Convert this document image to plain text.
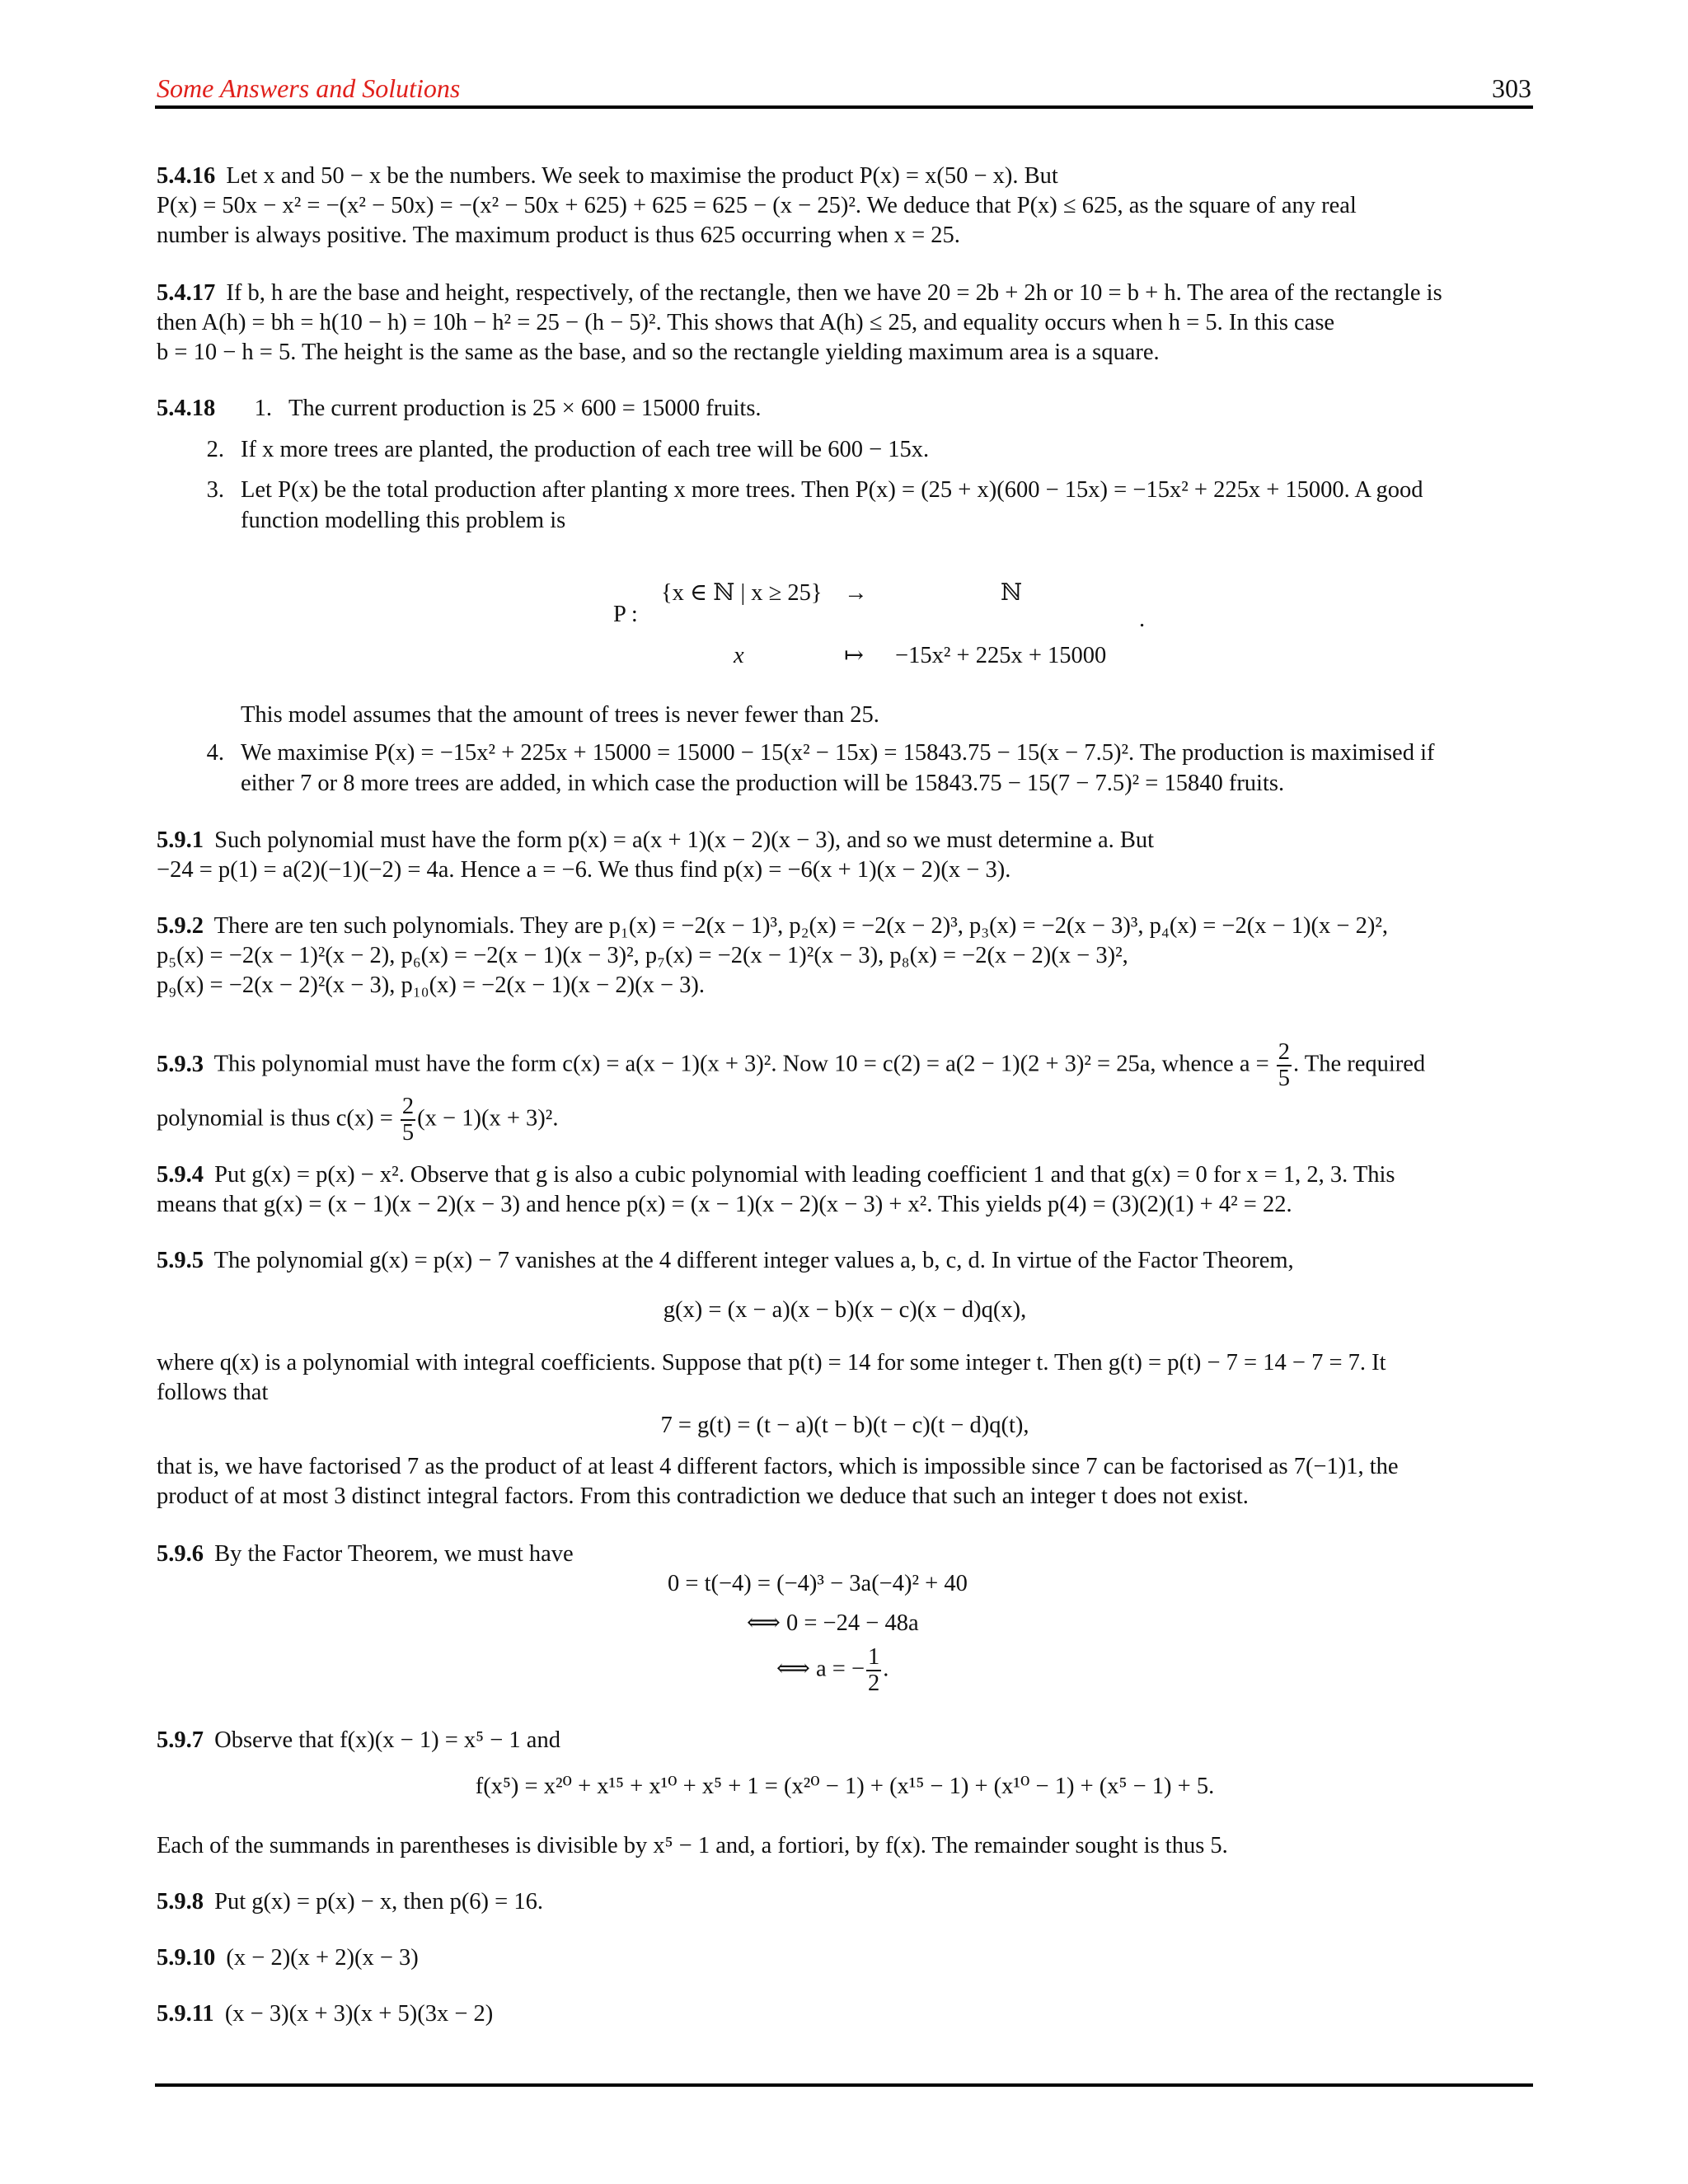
Some Answers and Solutions	303
5.4.16 Let x and 50 − x be the numbers. We seek to maximise the product P(x) = x(50 − x). But
P(x) = 50x − x² = −(x² − 50x) = −(x² − 50x + 625) + 625 = 625 − (x − 25)². We deduce that P(x) ≤ 625, as the square of any real
number is always positive. The maximum product is thus 625 occurring when x = 25.
5.4.17 If b, h are the base and height, respectively, of the rectangle, then we have 20 = 2b + 2h or 10 = b + h. The area of the rectangle is
then A(h) = bh = h(10 − h) = 10h − h² = 25 − (h − 5)². This shows that A(h) ≤ 25, and equality occurs when h = 5. In this case
b = 10 − h = 5. The height is the same as the base, and so the rectangle yielding maximum area is a square.
5.4.18	1. The current production is 25 × 600 = 15000 fruits.
2. If x more trees are planted, the production of each tree will be 600 − 15x.
3. Let P(x) be the total production after planting x more trees. Then P(x) = (25 + x)(600 − 15x) = −15x² + 225x + 15000. A good
function modelling this problem is
P :
{x ∈ ℕ | x ≥ 25} →	ℕ
x	↦ −15x² + 225x + 15000
.
This model assumes that the amount of trees is never fewer than 25.
4. We maximise P(x) = −15x² + 225x + 15000 = 15000 − 15(x² − 15x) = 15843.75 − 15(x − 7.5)². The production is maximised if
either 7 or 8 more trees are added, in which case the production will be 15843.75 − 15(7 − 7.5)² = 15840 fruits.
5.9.1 Such polynomial must have the form p(x) = a(x + 1)(x − 2)(x − 3), and so we must determine a. But
−24 = p(1) = a(2)(−1)(−2) = 4a. Hence a = −6. We thus find p(x) = −6(x + 1)(x − 2)(x − 3).
5.9.2 There are ten such polynomials. They are p₁(x) = −2(x − 1)³, p₂(x) = −2(x − 2)³, p₃(x) = −2(x − 3)³, p₄(x) = −2(x − 1)(x − 2)²,
p₅(x) = −2(x − 1)²(x − 2), p₆(x) = −2(x − 1)(x − 3)², p₇(x) = −2(x − 1)²(x − 3), p₈(x) = −2(x − 2)(x − 3)²,
p₉(x) = −2(x − 2)²(x − 3), p₁₀(x) = −2(x − 1)(x − 2)(x − 3).
5.9.3 This polynomial must have the form c(x) = a(x − 1)(x + 3)². Now 10 = c(2) = a(2 − 1)(2 + 3)² = 25a, whence $a = \frac{2}{5}$ . The required
polynomial is thus $c(x) = \frac{2}{5} (x - 1)(x + 3)^2$.
5.9.4 Put g(x) = p(x) − x². Observe that g is also a cubic polynomial with leading coefficient 1 and that g(x) = 0 for x = 1, 2, 3. This
means that g(x) = (x − 1)(x − 2)(x − 3) and hence p(x) = (x − 1)(x − 2)(x − 3) + x². This yields p(4) = (3)(2)(1) + 4² = 22.
5.9.5 The polynomial g(x) = p(x) − 7 vanishes at the 4 different integer values a, b, c, d. In virtue of the Factor Theorem,
g(x) = (x − a)(x − b)(x − c)(x − d)q(x),
where q(x) is a polynomial with integral coefficients. Suppose that p(t) = 14 for some integer t. Then g(t) = p(t) − 7 = 14 − 7 = 7. It
follows that
7 = g(t) = (t − a)(t − b)(t − c)(t − d)q(t),
that is, we have factorised 7 as the product of at least 4 different factors, which is impossible since 7 can be factorised as 7(−1)1, the
product of at most 3 distinct integral factors. From this contradiction we deduce that such an integer t does not exist.
5.9.6 By the Factor Theorem, we must have
0 = t(−4) = (−4)³ − 3a(−4)² + 40
⟺ 0 = −24 − 48a
⟺ a = − $\frac{1}{2}$ .
5.9.7 Observe that f(x)(x − 1) = x⁵ − 1 and
f(x⁵) = x²⁰ + x¹⁵ + x¹⁰ + x⁵ + 1 = (x²⁰ − 1) + (x¹⁵ − 1) + (x¹⁰ − 1) + (x⁵ − 1) + 5.
Each of the summands in parentheses is divisible by x⁵ − 1 and, a fortiori, by f(x). The remainder sought is thus 5.
5.9.8 Put g(x) = p(x) − x, then p(6) = 16.
5.9.10 (x − 2)(x + 2)(x − 3)
5.9.11 (x − 3)(x + 3)(x + 5)(3x − 2)
